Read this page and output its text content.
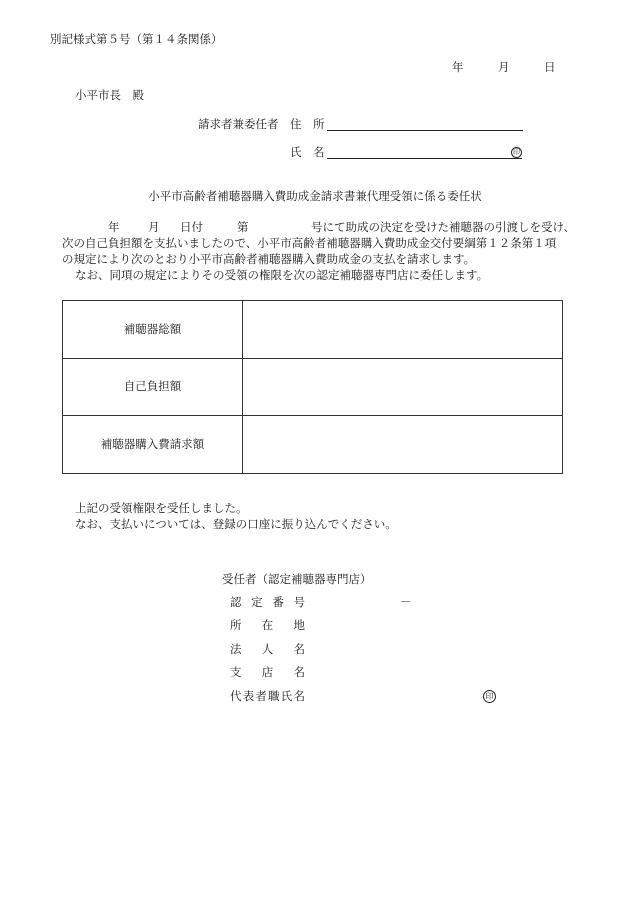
別記様式第５号（第１４条関係）
年	月	日
小平市長　殿
請求者兼委任者 住　所
氏　名	印
小平市高齢者補聴器購入費助成金請求書兼代理受領に係る委任状
年 月 日付	第	号にて助成の決定を受けた補聴器の引渡しを受け、
次の自己負担額を支払いましたので、小平市高齢者補聴器購入費助成金交付要綱第１２条第１項
の規定により次のとおり小平市高齢者補聴器購入費助成金の支払を請求します。
なお、同項の規定によりその受領の権限を次の認定補聴器専門店に委任します。
補聴器総額	
自己負担額	
補聴器購入費請求額	
上記の受領権限を受任しました。
なお、支払いについては、登録の口座に振り込んでください。
受任者（認定補聴器専門店）
認 定 番 号	－
所　在　地
法　人　名
支　店　名
代表者職氏名	印
